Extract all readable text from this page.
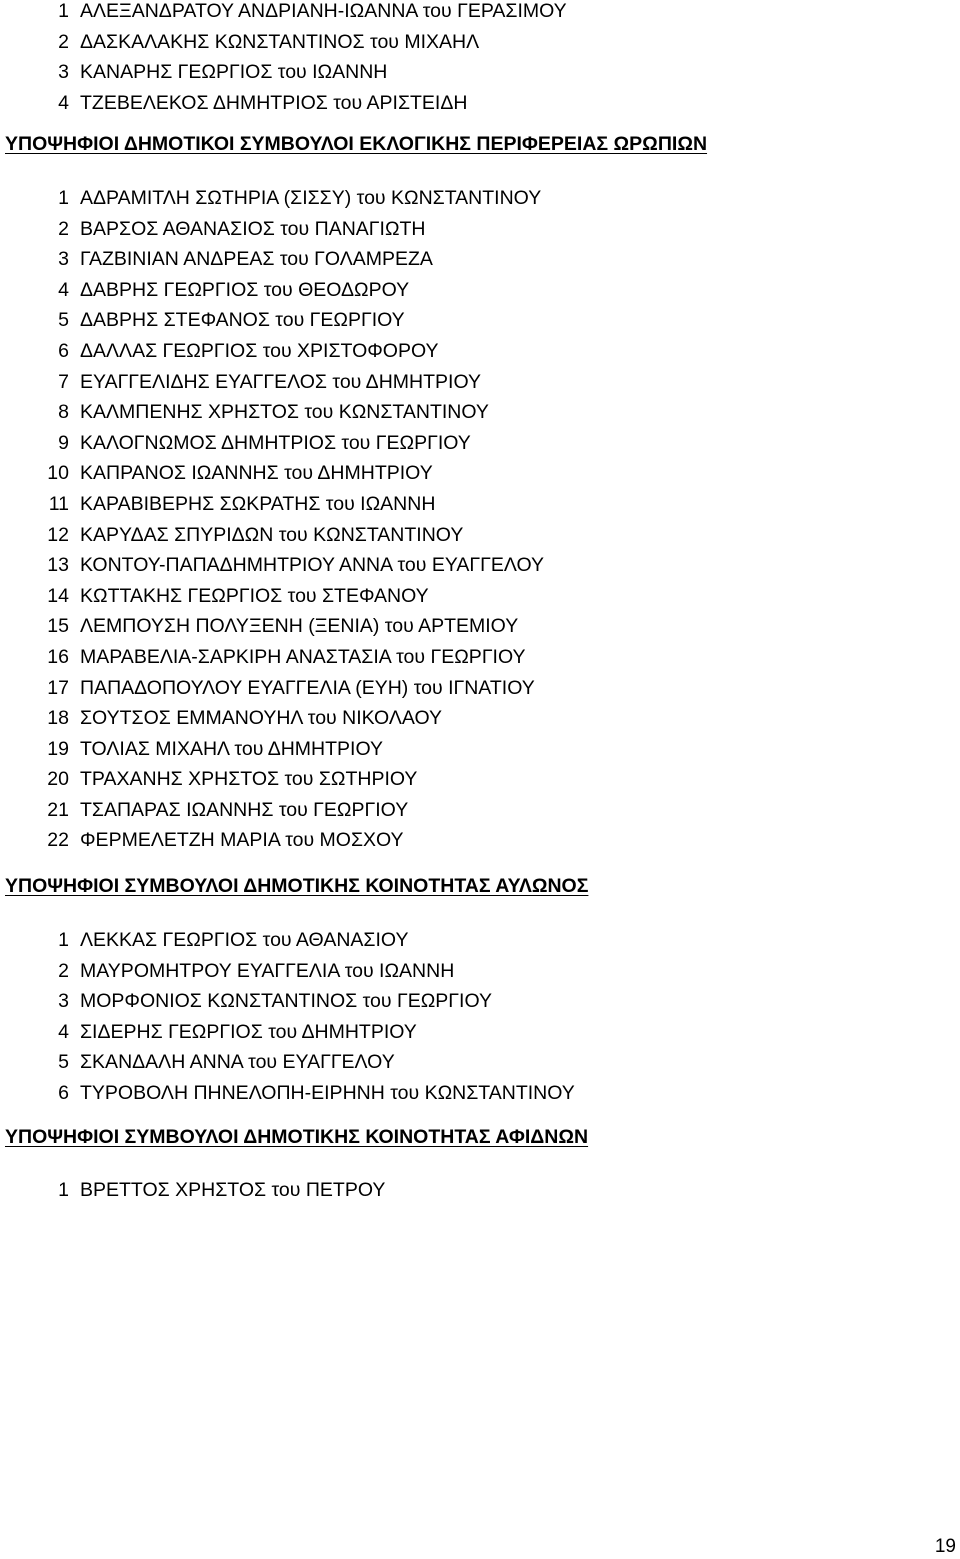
1 ΑΛΕΞΑΝΔΡΑΤΟΥ ΑΝΔΡΙΑΝΗ-ΙΩΑΝΝΑ του ΓΕΡΑΣΙΜΟΥ
2 ΔΑΣΚΑΛΑΚΗΣ ΚΩΝΣΤΑΝΤΙΝΟΣ του ΜΙΧΑΗΛ
3 ΚΑΝΑΡΗΣ ΓΕΩΡΓΙΟΣ του ΙΩΑΝΝΗ
4 ΤΖΕΒΕΛΕΚΟΣ ΔΗΜΗΤΡΙΟΣ του ΑΡΙΣΤΕΙΔΗ
ΥΠΟΨΗΦΙΟΙ ΔΗΜΟΤΙΚΟΙ ΣΥΜΒΟΥΛΟΙ ΕΚΛΟΓΙΚΗΣ ΠΕΡΙΦΕΡΕΙΑΣ ΩΡΩΠΙΩΝ
1 ΑΔΡΑΜΙΤΛΗ ΣΩΤΗΡΙΑ (ΣΙΣΣΥ) του ΚΩΝΣΤΑΝΤΙΝΟΥ
2 ΒΑΡΣΟΣ ΑΘΑΝΑΣΙΟΣ του ΠΑΝΑΓΙΩΤΗ
3 ΓΑΖΒΙΝΙΑΝ ΑΝΔΡΕΑΣ του ΓΟΛΑΜΡΕΖΑ
4 ΔΑΒΡΗΣ ΓΕΩΡΓΙΟΣ του ΘΕΟΔΩΡΟΥ
5 ΔΑΒΡΗΣ ΣΤΕΦΑΝΟΣ του ΓΕΩΡΓΙΟΥ
6 ΔΑΛΛΑΣ ΓΕΩΡΓΙΟΣ του ΧΡΙΣΤΟΦΟΡΟΥ
7 ΕΥΑΓΓΕΛΙΔΗΣ ΕΥΑΓΓΕΛΟΣ του ΔΗΜΗΤΡΙΟΥ
8 ΚΑΛΜΠΕΝΗΣ ΧΡΗΣΤΟΣ του ΚΩΝΣΤΑΝΤΙΝΟΥ
9 ΚΑΛΟΓΝΩΜΟΣ ΔΗΜΗΤΡΙΟΣ του ΓΕΩΡΓΙΟΥ
10 ΚΑΠΡΑΝΟΣ ΙΩΑΝΝΗΣ του ΔΗΜΗΤΡΙΟΥ
11 ΚΑΡΑΒΙΒΕΡΗΣ ΣΩΚΡΑΤΗΣ του ΙΩΑΝΝΗ
12 ΚΑΡΥΔΑΣ ΣΠΥΡΙΔΩΝ του ΚΩΝΣΤΑΝΤΙΝΟΥ
13 ΚΟΝΤΟΥ-ΠΑΠΑΔΗΜΗΤΡΙΟΥ ΑΝΝΑ του ΕΥΑΓΓΕΛΟΥ
14 ΚΩΤΤΑΚΗΣ ΓΕΩΡΓΙΟΣ του ΣΤΕΦΑΝΟΥ
15 ΛΕΜΠΟΥΣΗ ΠΟΛΥΞΕΝΗ (ΞΕΝΙΑ) του ΑΡΤΕΜΙΟΥ
16 ΜΑΡΑΒΕΛΙΑ-ΣΑΡΚΙΡΗ ΑΝΑΣΤΑΣΙΑ του ΓΕΩΡΓΙΟΥ
17 ΠΑΠΑΔΟΠΟΥΛΟΥ ΕΥΑΓΓΕΛΙΑ (ΕΥΗ) του ΙΓΝΑΤΙΟΥ
18 ΣΟΥΤΣΟΣ ΕΜΜΑΝΟΥΗΛ του ΝΙΚΟΛΑΟΥ
19 ΤΟΛΙΑΣ ΜΙΧΑΗΛ του ΔΗΜΗΤΡΙΟΥ
20 ΤΡΑΧΑΝΗΣ ΧΡΗΣΤΟΣ του ΣΩΤΗΡΙΟΥ
21 ΤΣΑΠΑΡΑΣ ΙΩΑΝΝΗΣ του ΓΕΩΡΓΙΟΥ
22 ΦΕΡΜΕΛΕΤΖΗ ΜΑΡΙΑ του ΜΟΣΧΟΥ
ΥΠΟΨΗΦΙΟΙ ΣΥΜΒΟΥΛΟΙ ΔΗΜΟΤΙΚΗΣ ΚΟΙΝΟΤΗΤΑΣ ΑΥΛΩΝΟΣ
1 ΛΕΚΚΑΣ ΓΕΩΡΓΙΟΣ του ΑΘΑΝΑΣΙΟΥ
2 ΜΑΥΡΟΜΗΤΡΟΥ ΕΥΑΓΓΕΛΙΑ του ΙΩΑΝΝΗ
3 ΜΟΡΦΟΝΙΟΣ ΚΩΝΣΤΑΝΤΙΝΟΣ του ΓΕΩΡΓΙΟΥ
4 ΣΙΔΕΡΗΣ ΓΕΩΡΓΙΟΣ του ΔΗΜΗΤΡΙΟΥ
5 ΣΚΑΝΔΑΛΗ ΑΝΝΑ του ΕΥΑΓΓΕΛΟΥ
6 ΤΥΡΟΒΟΛΗ ΠΗΝΕΛΟΠΗ-ΕΙΡΗΝΗ του ΚΩΝΣΤΑΝΤΙΝΟΥ
ΥΠΟΨΗΦΙΟΙ ΣΥΜΒΟΥΛΟΙ ΔΗΜΟΤΙΚΗΣ ΚΟΙΝΟΤΗΤΑΣ ΑΦΙΔΝΩΝ
1 ΒΡΕΤΤΟΣ ΧΡΗΣΤΟΣ του ΠΕΤΡΟΥ
19
